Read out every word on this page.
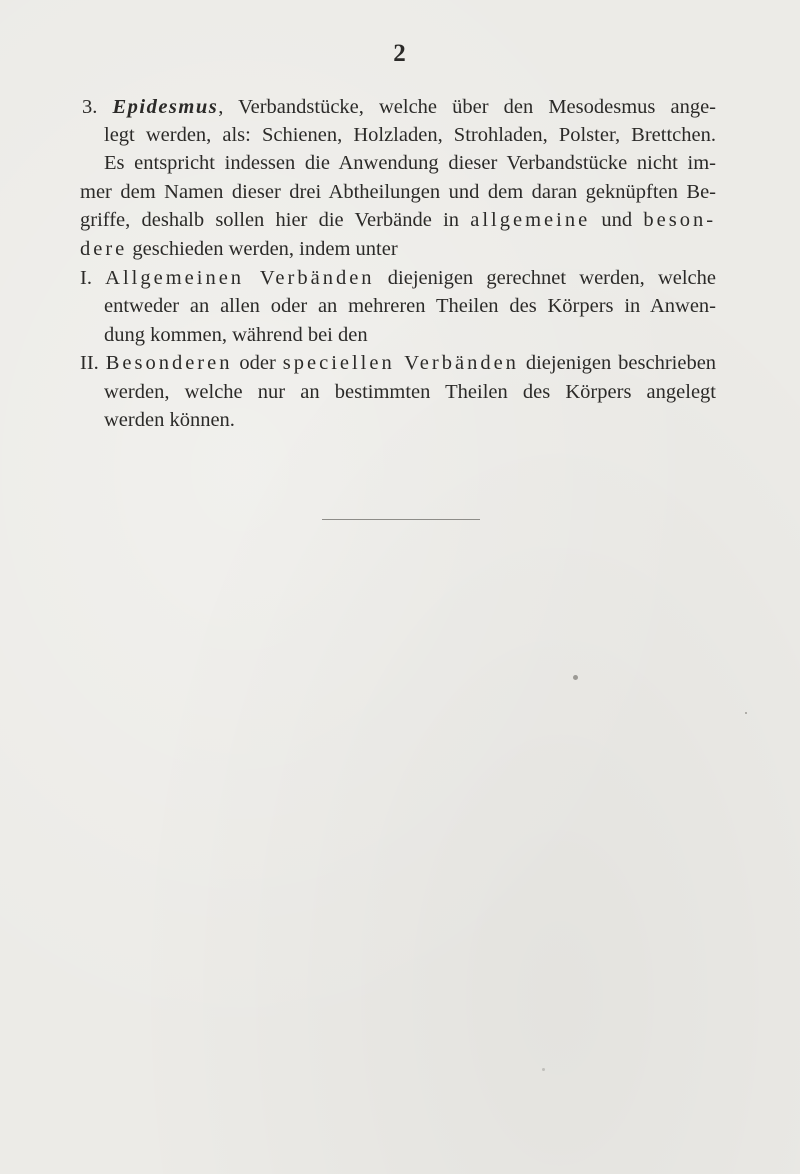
2
3. Epidesmus, Verbandstücke, welche über den Mesodesmus ange-
legt werden, als: Schienen, Holzladen, Strohladen, Polster, Brettchen.
Es entspricht indessen die Anwendung dieser Verbandstücke nicht im-
mer dem Namen dieser drei Abtheilungen und dem daran geknüpften Be-
griffe, deshalb sollen hier die Verbände in allgemeine und beson-
dere geschieden werden, indem unter
I. Allgemeinen Verbänden diejenigen gerechnet werden, welche
entweder an allen oder an mehreren Theilen des Körpers in Anwen-
dung kommen, während bei den
II. Besonderen oder speciellen Verbänden diejenigen beschrieben
werden, welche nur an bestimmten Theilen des Körpers angelegt
werden können.
